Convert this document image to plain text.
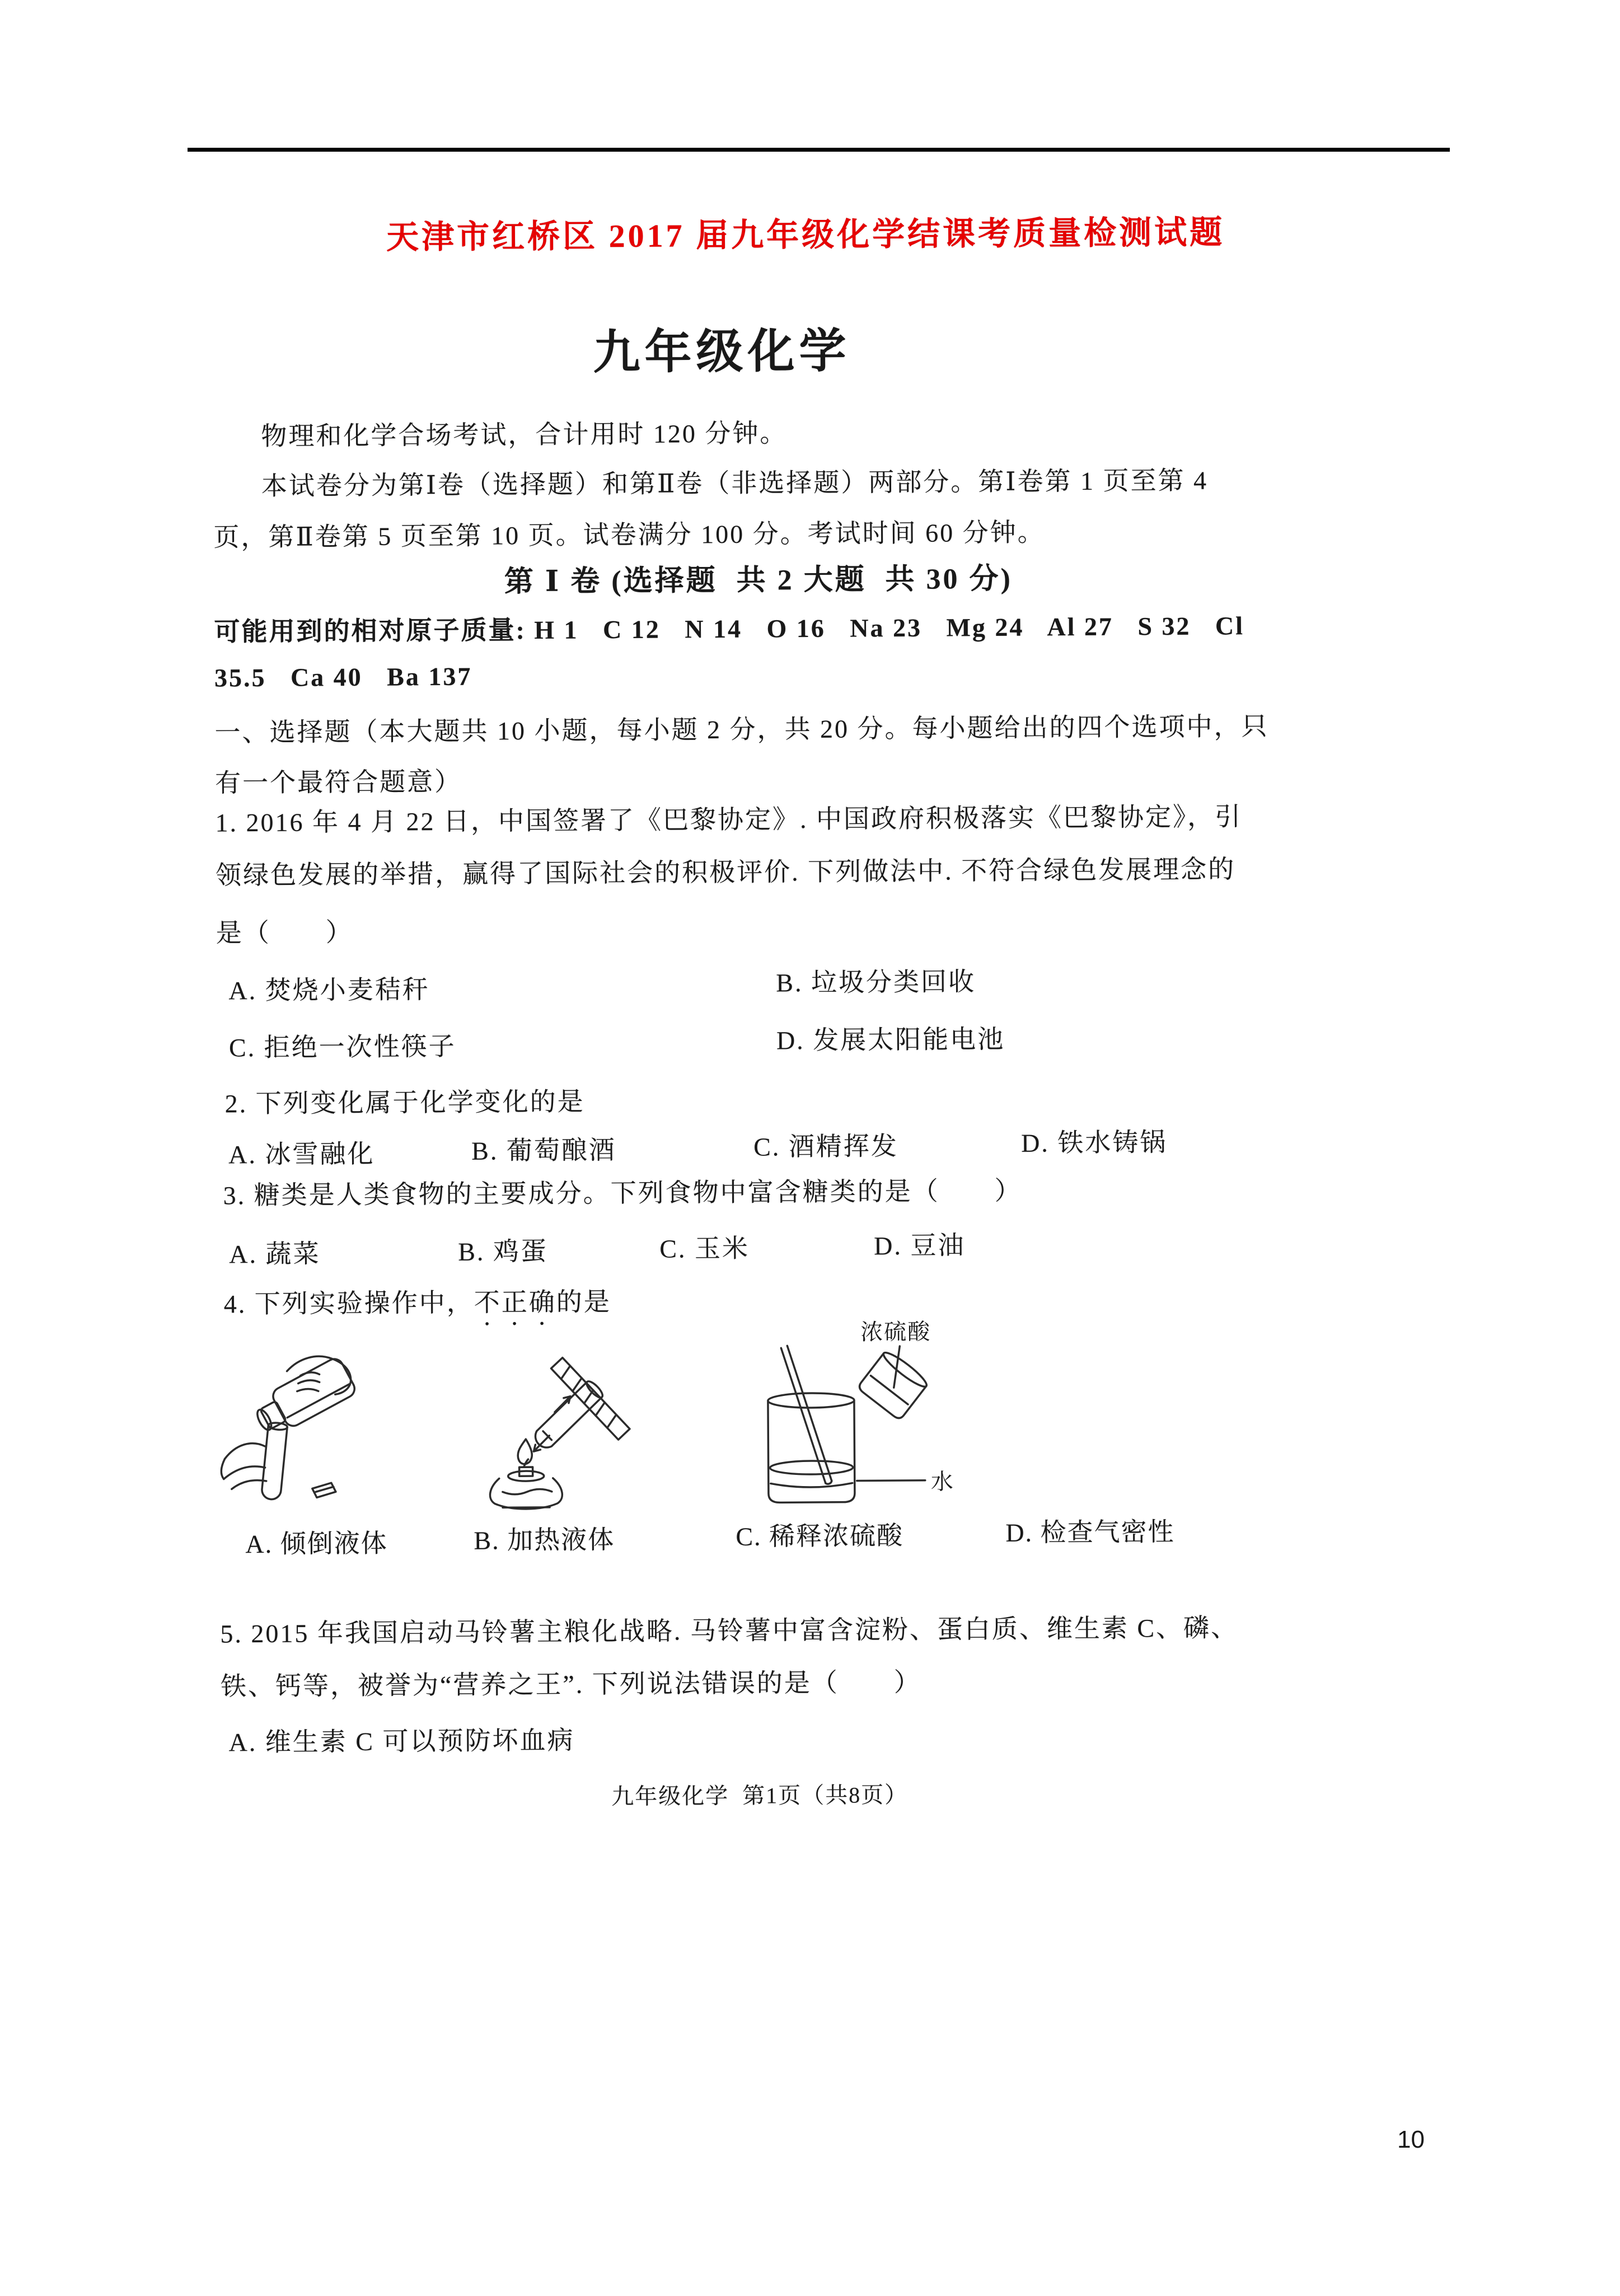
10
天津市红桥区 2017 届九年级化学结课考质量检测试题
九年级化学
物理和化学合场考试，合计用时 120 分钟。
本试卷分为第Ⅰ卷（选择题）和第Ⅱ卷（非选择题）两部分。第Ⅰ卷第 1 页至第 4
页，第Ⅱ卷第 5 页至第 10 页。试卷满分 100 分。考试时间 60 分钟。
第 Ⅰ 卷 (选择题  共 2 大题  共 30 分)
可能用到的相对原子质量: H 1   C 12   N 14   O 16   Na 23   Mg 24   Al 27   S 32   Cl
35.5   Ca 40   Ba 137
一、选择题（本大题共 10 小题，每小题 2 分，共 20 分。每小题给出的四个选项中，只
有一个最符合题意）
1. 2016 年 4 月 22 日，中国签署了《巴黎协定》. 中国政府积极落实《巴黎协定》，引
领绿色发展的举措，赢得了国际社会的积极评价. 下列做法中. 不符合绿色发展理念的
是（　　）
A. 焚烧小麦秸秆	B. 垃圾分类回收
C. 拒绝一次性筷子	D. 发展太阳能电池
2. 下列变化属于化学变化的是
A. 冰雪融化	B. 葡萄酿酒	C. 酒精挥发	D. 铁水铸锅
3. 糖类是人类食物的主要成分。下列食物中富含糖类的是（　　）
A. 蔬菜	B. 鸡蛋	C. 玉米	D. 豆油
4. 下列实验操作中，不正确的是
浓硫酸
水
A. 倾倒液体	B. 加热液体	C. 稀释浓硫酸	D. 检查气密性
5. 2015 年我国启动马铃薯主粮化战略. 马铃薯中富含淀粉、蛋白质、维生素 C、磷、
铁、钙等，被誉为“营养之王”. 下列说法错误的是（　　）
A. 维生素 C 可以预防坏血病
九年级化学  第1页（共8页）
